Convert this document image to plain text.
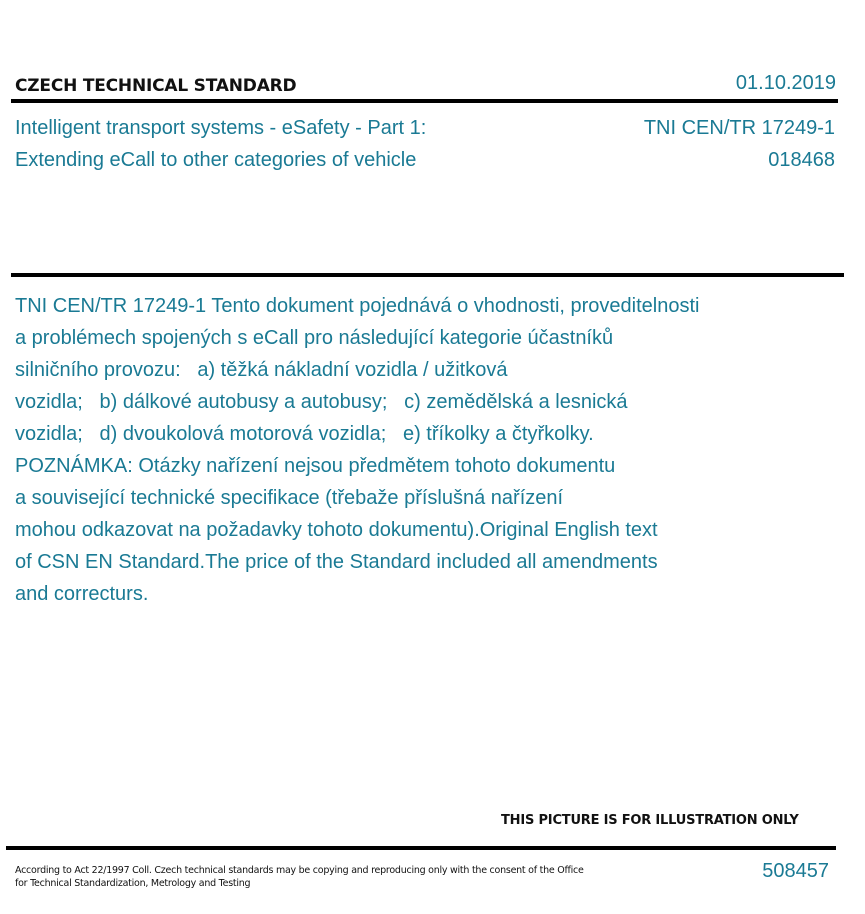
CZECH TECHNICAL STANDARD	01.10.2019
Intelligent transport systems - eSafety - Part 1:
Extending eCall to other categories of vehicle
TNI CEN/TR 17249-1
018468
TNI CEN/TR 17249-1 Tento dokument pojednává o vhodnosti, proveditelnosti
a problémech spojených s eCall pro následující kategorie účastníků
silničního provozu:   a) těžká nákladní vozidla / užitková
vozidla;   b) dálkové autobusy a autobusy;   c) zemědělská a lesnická
vozidla;   d) dvoukolová motorová vozidla;   e) tříkolky a čtyřkolky.
POZNÁMKA: Otázky nařízení nejsou předmětem tohoto dokumentu
a související technické specifikace (třebaže příslušná nařízení
mohou odkazovat na požadavky tohoto dokumentu).Original English text
of CSN EN Standard.The price of the Standard included all amendments
and correcturs.
THIS PICTURE IS FOR ILLUSTRATION ONLY
According to Act 22/1997 Coll. Czech technical standards may be copying and reproducing only with the consent of the Office
for Technical Standardization, Metrology and Testing
508457
